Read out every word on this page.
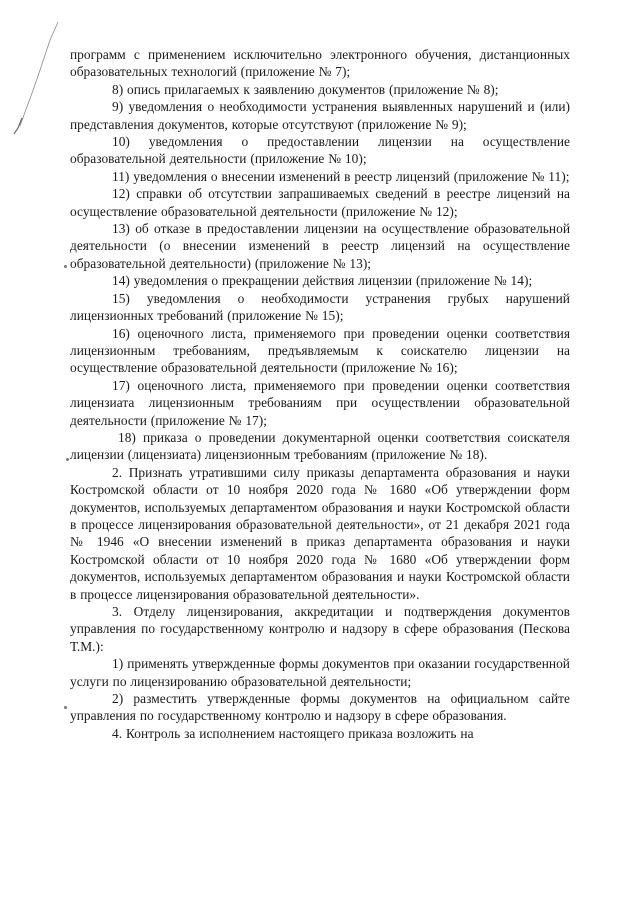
программ с применением исключительно электронного обучения, дистанционных образовательных технологий (приложение № 7);

8) опись прилагаемых к заявлению документов (приложение № 8);

9) уведомления о необходимости устранения выявленных нарушений и (или) представления документов, которые отсутствуют (приложение № 9);

10) уведомления о предоставлении лицензии на осуществление образовательной деятельности (приложение № 10);

11) уведомления о внесении изменений в реестр лицензий (приложение № 11);

12) справки об отсутствии запрашиваемых сведений в реестре лицензий на осуществление образовательной деятельности (приложение № 12);

13) об отказе в предоставлении лицензии на осуществление образовательной деятельности (о внесении изменений в реестр лицензий на осуществление образовательной деятельности) (приложение № 13);

14) уведомления о прекращении действия лицензии (приложение № 14);

15) уведомления о необходимости устранения грубых нарушений лицензионных требований (приложение № 15);

16) оценочного листа, применяемого при проведении оценки соответствия лицензионным требованиям, предъявляемым к соискателю лицензии на осуществление образовательной деятельности (приложение № 16);

17) оценочного листа, применяемого при проведении оценки соответствия лицензиата лицензионным требованиям при осуществлении образовательной деятельности (приложение № 17);

18) приказа о проведении документарной оценки соответствия соискателя лицензии (лицензиата) лицензионным требованиям (приложение № 18).

2. Признать утратившими силу приказы департамента образования и науки Костромской области от 10 ноября 2020 года № 1680 «Об утверждении форм документов, используемых департаментом образования и науки Костромской области в процессе лицензирования образовательной деятельности», от 21 декабря 2021 года № 1946 «О внесении изменений в приказ департамента образования и науки Костромской области от 10 ноября 2020 года № 1680 «Об утверждении форм документов, используемых департаментом образования и науки Костромской области в процессе лицензирования образовательной деятельности».

3. Отделу лицензирования, аккредитации и подтверждения документов управления по государственному контролю и надзору в сфере образования (Пескова Т.М.):

1) применять утвержденные формы документов при оказании государственной услуги по лицензированию образовательной деятельности;

2) разместить утвержденные формы документов на официальном сайте управления по государственному контролю и надзору в сфере образования.

4. Контроль за исполнением настоящего приказа возложить на
